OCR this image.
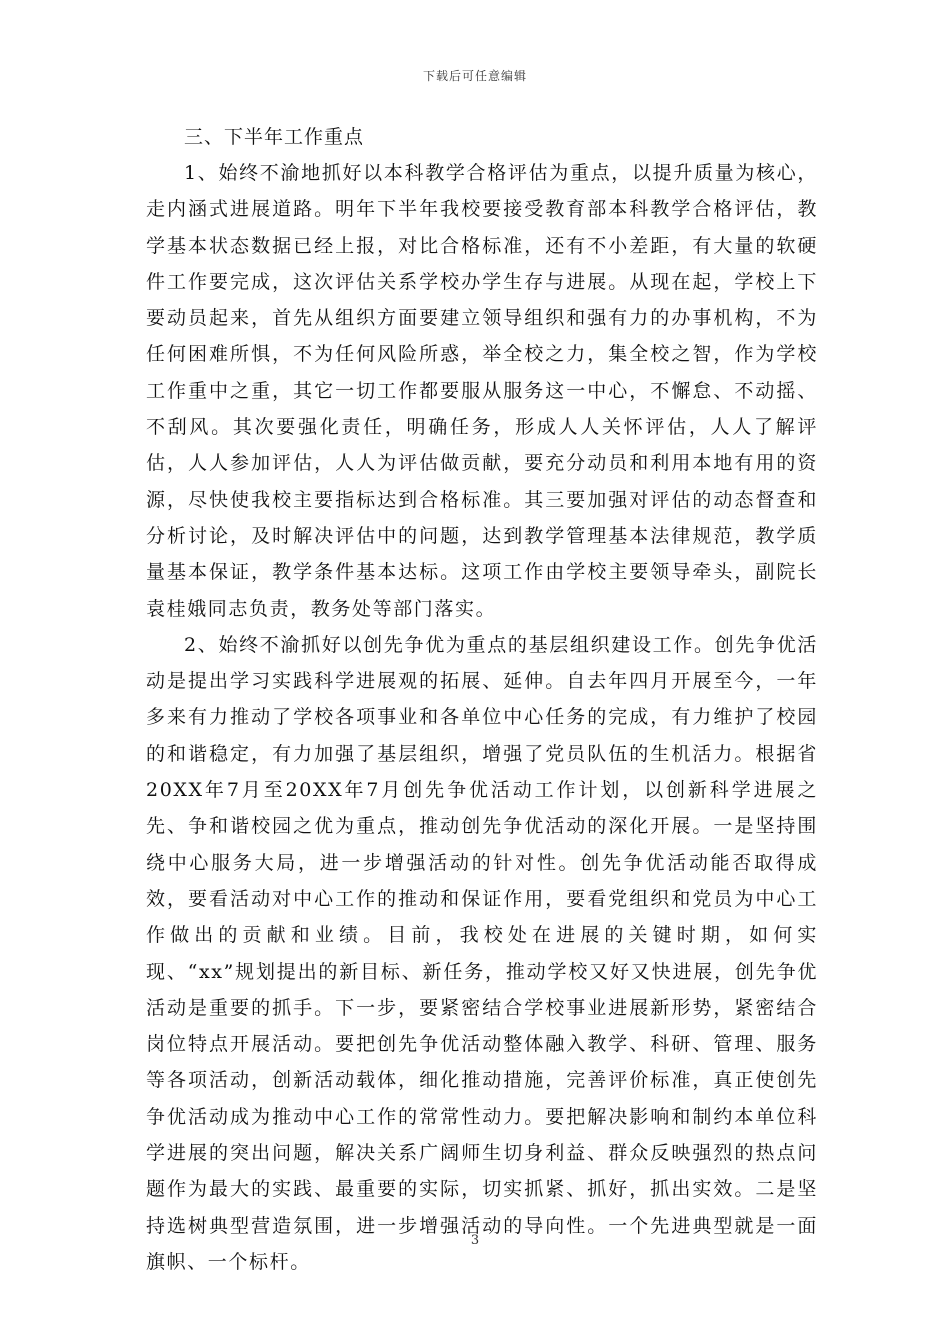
下载后可任意编辑

三、下半年工作重点

1、始终不渝地抓好以本科教学合格评估为重点，以提升质量为核心，走内涵式进展道路。明年下半年我校要接受教育部本科教学合格评估，教学基本状态数据已经上报，对比合格标准，还有不小差距，有大量的软硬件工作要完成，这次评估关系学校办学生存与进展。从现在起，学校上下要动员起来，首先从组织方面要建立领导组织和强有力的办事机构，不为任何困难所惧，不为任何风险所惑，举全校之力，集全校之智，作为学校工作重中之重，其它一切工作都要服从服务这一中心，不懈怠、不动摇、不刮风。其次要强化责任，明确任务，形成人人关怀评估，人人了解评估，人人参加评估，人人为评估做贡献，要充分动员和利用本地有用的资源，尽快使我校主要指标达到合格标准。其三要加强对评估的动态督查和分析讨论，及时解决评估中的问题，达到教学管理基本法律规范，教学质量基本保证，教学条件基本达标。这项工作由学校主要领导牵头，副院长袁桂娥同志负责，教务处等部门落实。

2、始终不渝抓好以创先争优为重点的基层组织建设工作。创先争优活动是提出学习实践科学进展观的拓展、延伸。自去年四月开展至今，一年多来有力推动了学校各项事业和各单位中心任务的完成，有力维护了校园的和谐稳定，有力加强了基层组织，增强了党员队伍的生机活力。根据省20XX年7月至20XX年7月创先争优活动工作计划，以创新科学进展之先、争和谐校园之优为重点，推动创先争优活动的深化开展。一是坚持围绕中心服务大局，进一步增强活动的针对性。创先争优活动能否取得成效，要看活动对中心工作的推动和保证作用，要看党组织和党员为中心工作做出的贡献和业绩。目前，我校处在进展的关键时期，如何实现、“xx”规划提出的新目标、新任务，推动学校又好又快进展，创先争优活动是重要的抓手。下一步，要紧密结合学校事业进展新形势，紧密结合岗位特点开展活动。要把创先争优活动整体融入教学、科研、管理、服务等各项活动，创新活动载体，细化推动措施，完善评价标准，真正使创先争优活动成为推动中心工作的常常性动力。要把解决影响和制约本单位科学进展的突出问题，解决关系广阔师生切身利益、群众反映强烈的热点问题作为最大的实践、最重要的实际，切实抓紧、抓好，抓出实效。二是坚持选树典型营造氛围，进一步增强活动的导向性。一个先进典型就是一面旗帜、一个标杆。

3
